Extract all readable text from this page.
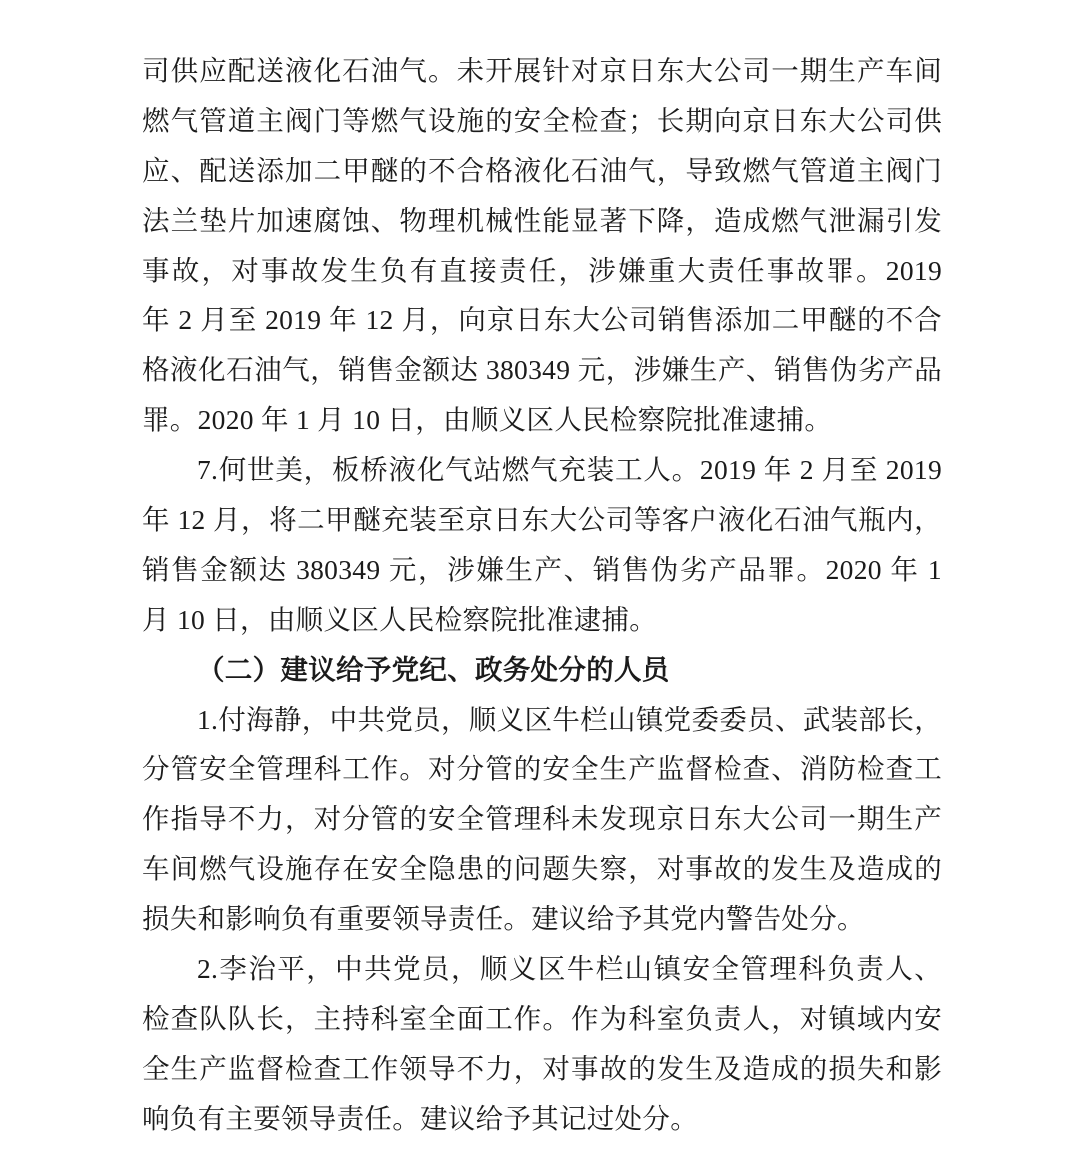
司供应配送液化石油气。未开展针对京日东大公司一期生产车间

燃气管道主阀门等燃气设施的安全检查；长期向京日东大公司供

应、配送添加二甲醚的不合格液化石油气，导致燃气管道主阀门

法兰垫片加速腐蚀、物理机械性能显著下降，造成燃气泄漏引发

事故，对事故发生负有直接责任，涉嫌重大责任事故罪。2019

年 2 月至 2019 年 12 月，向京日东大公司销售添加二甲醚的不合

格液化石油气，销售金额达 380349 元，涉嫌生产、销售伪劣产品

罪。2020 年 1 月 10 日，由顺义区人民检察院批准逮捕。

7.何世美，板桥液化气站燃气充装工人。2019 年 2 月至 2019

年 12 月，将二甲醚充装至京日东大公司等客户液化石油气瓶内，

销售金额达 380349 元，涉嫌生产、销售伪劣产品罪。2020 年 1

月 10 日，由顺义区人民检察院批准逮捕。

（二）建议给予党纪、政务处分的人员

1.付海静，中共党员，顺义区牛栏山镇党委委员、武装部长，

分管安全管理科工作。对分管的安全生产监督检查、消防检查工

作指导不力，对分管的安全管理科未发现京日东大公司一期生产

车间燃气设施存在安全隐患的问题失察，对事故的发生及造成的

损失和影响负有重要领导责任。建议给予其党内警告处分。

2.李治平，中共党员，顺义区牛栏山镇安全管理科负责人、

检查队队长，主持科室全面工作。作为科室负责人，对镇域内安

全生产监督检查工作领导不力，对事故的发生及造成的损失和影

响负有主要领导责任。建议给予其记过处分。
